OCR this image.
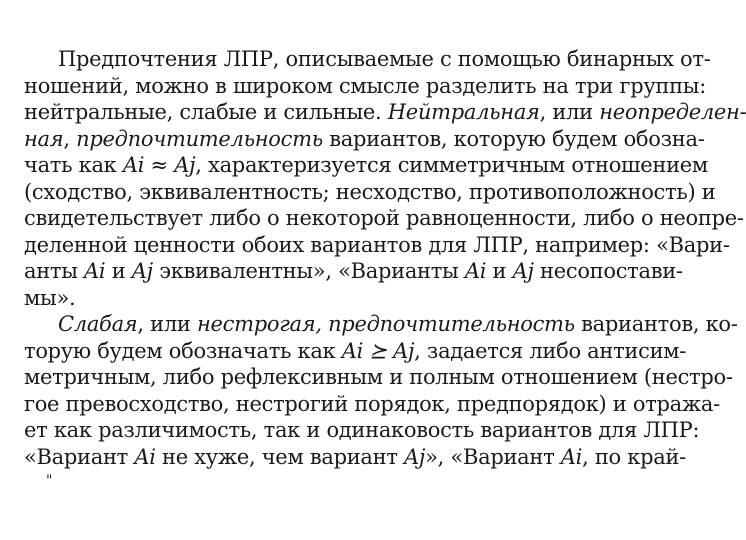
Предпочтения ЛПР, описываемые с помощью бинарных от-
ношений, можно в широком смысле разделить на три группы:
нейтральные, слабые и сильные. Нейтральная, или неопределен-
ная, предпочтительность вариантов, которую будем обозна-
чать как Ai ≈ Aj, характеризуется симметричным отношением
(сходство, эквивалентность; несходство, противоположность) и
свидетельствует либо о некоторой равноценности, либо о неопре-
деленной ценности обоих вариантов для ЛПР, например: «Вари-
анты Ai и Aj эквивалентны», «Варианты Ai и Aj несопостави-
мы».
Слабая, или нестрогая, предпочтительность вариантов, ко-
торую будем обозначать как Ai ⪰ Aj, задается либо антисим-
метричным, либо рефлексивным и полным отношением (нестро-
гое превосходство, нестрогий порядок, предпорядок) и отража-
ет как различимость, так и одинаковость вариантов для ЛПР:
«Вариант Ai не хуже, чем вариант Aj», «Вариант Ai, по край-
"
